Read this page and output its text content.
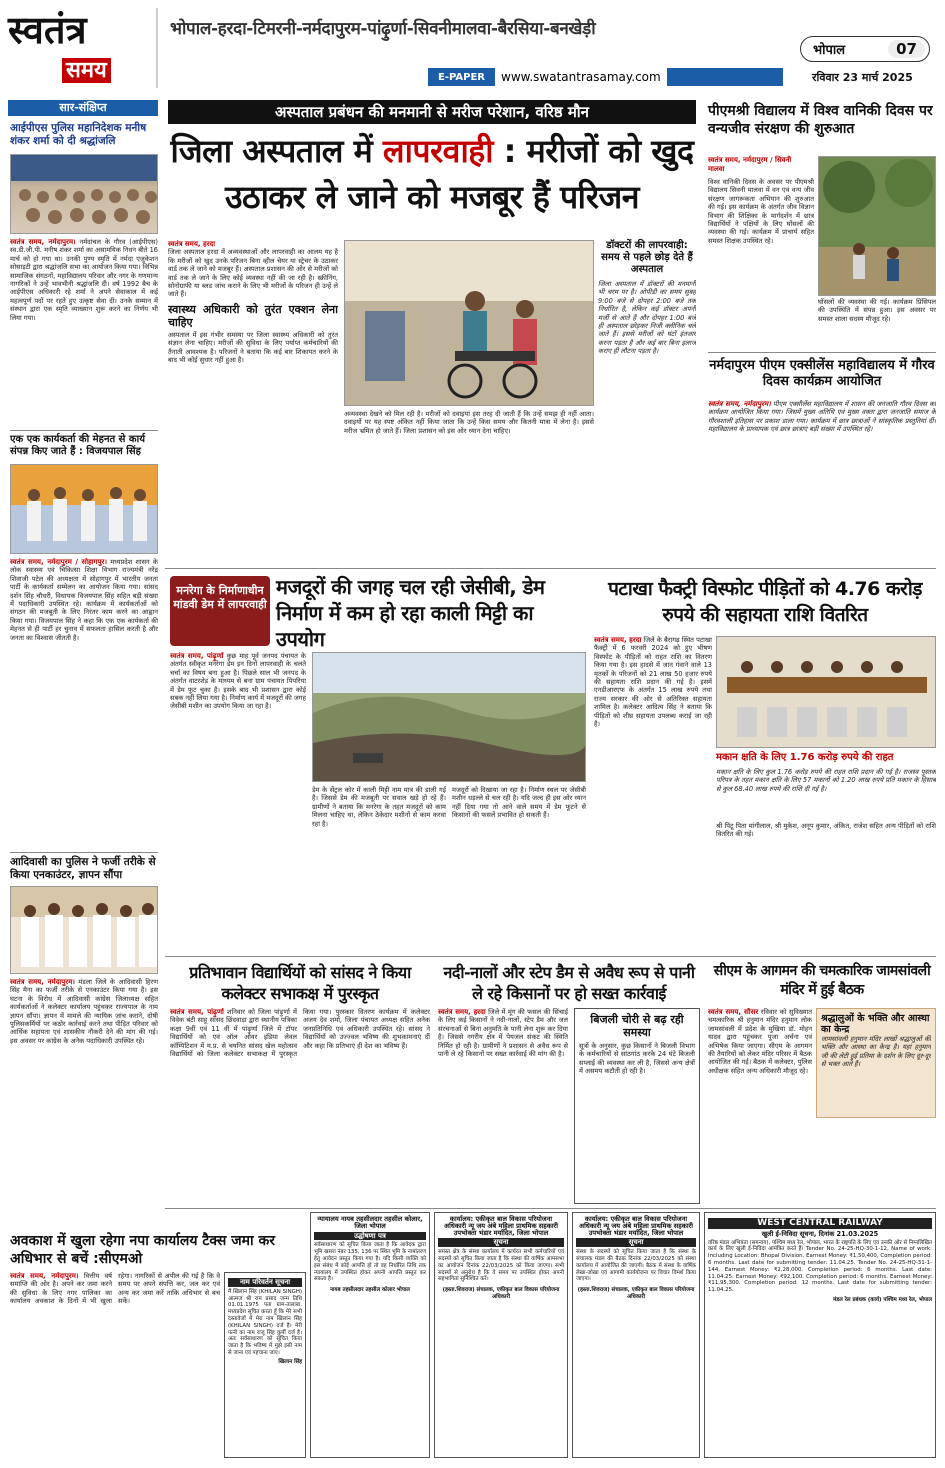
स्वतंत्र
समय
भोपाल-हरदा-टिमरनी-नर्मदापुरम-पांढ़ुर्णा-सिवनीमालवा-बैरसिया-बनखेड़ी
E-PAPER	www.swatantrasamay.com
भोपाल	07
रविवार 23 मार्च 2025
सार-संक्षिप्त
आईपीएस पुलिस महानिदेशक मनीष शंकर शर्मा को दी श्रद्धांजलि
स्वतंत्र समय, नर्मदापुरम। नर्मदांचल के गौरव (आईपीएस) स्व.डी.जी.पी. मनीष शंकर शर्मा का असामयिक निधन बीते 16 मार्च को हो गया था। उनकी पुण्य स्मृति में नर्मदा एजुकेशन सोसाइटी द्वारा श्रद्धांजलि सभा का आयोजन किया गया। विभिन्न सामाजिक संगठनों, महाविद्यालय परिवार और नगर के गणमान्य नागरिकों ने उन्हें भावभीनी श्रद्धांजलि दी। वर्ष 1992 बैच के आईपीएस अधिकारी रहे शर्मा ने अपने सेवाकाल में कई महत्वपूर्ण पदों पर रहते हुए उत्कृष्ट सेवा दी। उनके सम्मान में संस्थान द्वारा एक स्मृति व्याख्यान शुरू करने का निर्णय भी लिया गया।
एक एक कार्यकर्ता की मेहनत से कार्य संपन्न किए जाते हैं : विजयपाल सिंह
स्वतंत्र समय, नर्मदापुरम / सोहागपुर। मध्यप्रदेश शासन के लोक स्वास्थ्य एवं चिकित्सा शिक्षा विभाग राज्यमंत्री नरेंद्र शिवाजी पटेल की अध्यक्षता में सोहागपुर में भारतीय जनता पार्टी के कार्यकर्ता सम्मेलन का आयोजन किया गया। सांसद दर्शन सिंह चौधरी, विधायक विजयपाल सिंह सहित बड़ी संख्या में पदाधिकारी उपस्थित रहे। कार्यक्रम में कार्यकर्ताओं को संगठन की मजबूती के लिए निरंतर काम करने का आह्वान किया गया। विजयपाल सिंह ने कहा कि एक एक कार्यकर्ता की मेहनत से ही पार्टी हर चुनाव में सफलता हासिल करती है और जनता का विश्वास जीतती है।
आदिवासी का पुलिस ने फर्जी तरीके से किया एनकाउंटर, ज्ञापन सौंपा
स्वतंत्र समय, नर्मदापुरम। मंडला जिले के आदिवासी हिरण सिंह मैना का फर्जी तरीके से एनकाउंटर किया गया है। इस घटना के विरोध में आदिवासी कांग्रेस जिलाध्यक्ष सहित कार्यकर्ताओं ने कलेक्टर कार्यालय पहुंचकर राज्यपाल के नाम ज्ञापन सौंपा। ज्ञापन में मामले की न्यायिक जांच कराने, दोषी पुलिसकर्मियों पर कठोर कार्रवाई करने तथा पीड़ित परिवार को आर्थिक सहायता एवं शासकीय नौकरी देने की मांग की गई। इस अवसर पर कांग्रेस के अनेक पदाधिकारी उपस्थित रहे।
अस्पताल प्रबंधन की मनमानी से मरीज परेशान, वरिष्ठ मौन
जिला अस्पताल में लापरवाही : मरीजों को खुद उठाकर ले जाने को मजबूर हैं परिजन
स्वतंत्र समय, हरदा

जिला अस्पताल हरदा में अव्यवस्थाओं और लापरवाही का आलम यह है कि मरीजों को खुद उनके परिजन बिना व्हील चेयर या स्ट्रेचर के उठाकर वार्ड तक ले जाने को मजबूर हैं। अस्पताल प्रशासन की ओर से मरीजों को वार्ड तक ले जाने के लिए कोई व्यवस्था नहीं की जा रही है। स्क्रीनिंग, सोनोग्राफी या ब्लड जांच कराने के लिए भी मरीजों के परिजन ही उन्हें ले जाते हैं।

स्वास्थ्य अधिकारी को तुरंत एक्शन लेना चाहिए

अस्पताल में इस गंभीर समस्या पर जिला स्वास्थ्य अधिकारी को तुरंत संज्ञान लेना चाहिए। मरीजों की सुविधा के लिए पर्याप्त कर्मचारियों की तैनाती आवश्यक है। परिजनों ने बताया कि कई बार शिकायत करने के बाद भी कोई सुधार नहीं हुआ है।

अव्यवस्था देखने को मिल रही है। मरीजों को दवाइयां इस तरह दी जाती हैं कि उन्हें समझ ही नहीं आता। दवाइयों पर यह स्पष्ट अंकित नहीं किया जाता कि उन्हें किस समय और कितनी मात्रा में लेना है। इससे मरीज भ्रमित हो जाते हैं। जिला प्रशासन को इस ओर ध्यान देना चाहिए।
डॉक्टरों की लापरवाही: समय से पहले छोड़ देते हैं अस्पताल
जिला अस्पताल में डॉक्टरों की मनमानी भी चरम पर है। ओपीडी का समय सुबह 9:00 बजे से दोपहर 2:00 बजे तक निर्धारित है, लेकिन कई डॉक्टर अपनी मर्जी से आते हैं और दोपहर 1:00 बजे ही अस्पताल छोड़कर निजी क्लीनिक चले जाते हैं। इससे मरीजों को घंटों इंतजार करना पड़ता है और कई बार बिना इलाज कराए ही लौटना पड़ता है।
पीएमश्री विद्यालय में विश्व वानिकी दिवस पर वन्यजीव संरक्षण की शुरुआत
स्वतंत्र समय, नर्मदापुरम / सिवनी मालवा
विश्व वानिकी दिवस के अवसर पर पीएमश्री विद्यालय सिवनी मालवा में वन एवं वन्य जीव संरक्षण जागरूकता अभियान की शुरुआत की गई। इस कार्यक्रम के अंतर्गत जीव विज्ञान विभाग की शिक्षिका के मार्गदर्शन में छात्र विद्यार्थियों ने पक्षियों के लिए घोंसलों की व्यवस्था की गई। कार्यक्रम में प्राचार्य सहित समस्त शिक्षक उपस्थित रहे।
घोंसलों की व्यवस्था की गई। कार्यक्रम प्रिंसिपल की उपस्थिति में संपन्न हुआ। इस अवसर पर समस्त शाला सदस्य मौजूद रहे।
नर्मदापुरम पीएम एक्सीलेंस महाविद्यालय में गौरव दिवस कार्यक्रम आयोजित
स्वतंत्र समय, नर्मदापुरम। पीएम एक्सीलेंस महाविद्यालय में शासन की जनजाति गौरव दिवस का कार्यक्रम आयोजित किया गया। जिसमें मुख्य अतिथि एवं मुख्य वक्ता द्वारा जनजाति समाज के गौरवशाली इतिहास पर प्रकाश डाला गया। कार्यक्रम में छात्र छात्राओं ने सांस्कृतिक प्रस्तुतियां दीं। महाविद्यालय के प्राध्यापक एवं छात्र छात्राएं बड़ी संख्या में उपस्थित रहे।
मनरेगा के निर्माणाधीन मांडवी डेम में लापरवाही
मजदूरों की जगह चल रही जेसीबी, डेम निर्माण में कम हो रहा काली मिट्टी का उपयोग
स्वतंत्र समय, पांढ़ुर्णा कुछ माह पूर्व जनपद पंचायत के अंतर्गत स्वीकृत मनरेगा डेम इन दिनों लापरवाही के चलते चर्चा का विषय बना हुआ है। पिछले साल भी जनपद के अंतर्गत वाटरशेड के माध्यम से बना ग्राम पंचायत पिपरिया में डेम फूट चुका है। इसके बाद भी प्रशासन द्वारा कोई सबक नहीं लिया गया है। निर्माण कार्य में मजदूरों की जगह जेसीबी मशीन का उपयोग किया जा रहा है।
डेम के सेंट्रल कोर में काली मिट्टी नाम मात्र की डाली गई है। जिससे डेम की मजबूती पर सवाल खड़े हो रहे हैं। ग्रामीणों ने बताया कि मनरेगा के तहत मजदूरों को काम मिलना चाहिए था, लेकिन ठेकेदार मशीनों से काम करवा रहा है।
मजदूरों को दिखाया जा रहा है। निर्माण स्थल पर जेसीबी मशीन धड़ल्ले से चल रही है। यदि जल्द ही इस ओर ध्यान नहीं दिया गया तो आने वाले समय में डेम फूटने से किसानों की फसलें प्रभावित हो सकती हैं।
पटाखा फैक्ट्री विस्फोट पीड़ितों को 4.76 करोड़ रुपये की सहायता राशि वितरित
स्वतंत्र समय, हरदा जिले के बैरागढ़ स्थित पटाखा फैक्ट्री में 6 फरवरी 2024 को हुए भीषण विस्फोट के पीड़ितों को राहत राशि का वितरण किया गया है। इस हादसे में जान गंवाने वाले 13 मृतकों के परिजनों को 21 लाख 50 हजार रुपये की सहायता राशि प्रदान की गई है। इसमें एनडीआरएफ के अंतर्गत 15 लाख रुपये तथा राज्य सरकार की ओर से अतिरिक्त सहायता शामिल है। कलेक्टर आदित्य सिंह ने बताया कि पीड़ितों को शीघ्र सहायता उपलब्ध कराई जा रही है।
मकान क्षति के लिए 1.76 करोड़ रुपये की राहत
मकान क्षति के लिए कुल 1.76 करोड़ रुपये की राहत राशि प्रदान की गई है। राजस्व पुस्तक परिपत्र के तहत मकान क्षति के लिए 57 मकानों को 1.20 लाख रुपये प्रति मकान के हिसाब से कुल 68.40 लाख रुपये की राशि दी गई है।
श्री पिंटू पिता मांगीलाल, श्री मुकेश, अनूप कुमार, अंकित, राजेश सहित अन्य पीड़ितों को राशि वितरित की गई।
प्रतिभावान विद्यार्थियों को सांसद ने किया कलेक्टर सभाकक्ष में पुरस्कृत
स्वतंत्र समय, पांढ़ुर्णा शनिवार को जिला पांढ़ुर्णा में विवेक बंटी साहू सांसद छिंदवाड़ा द्वारा स्थानीय पत्रिका कक्षा 9वीं एवं 11 वीं में पांढ़ुर्णा जिले में टॉपर विद्यार्थियों को एवं ऑल ओवर इंडिया लेवल कॉम्पिटिशन में म.प्र. से चयनित सांसद खेल महोत्सव विद्यार्थियों को जिला कलेक्टर सभाकक्ष में पुरस्कृत किया गया। पुरस्कार वितरण कार्यक्रम में कलेक्टर अजय देव शर्मा, जिला पंचायत अध्यक्ष सहित अनेक जनप्रतिनिधि एवं अधिकारी उपस्थित रहे। सांसद ने विद्यार्थियों को उज्ज्वल भविष्य की शुभकामनाएं दीं और कहा कि प्रतिभाएं ही देश का भविष्य हैं।
नदी-नालों और स्टेप डैम से अवैध रूप से पानी ले रहे किसानों पर हो सख्त कार्रवाई
स्वतंत्र समय, हरदा जिले में मूंग की फसल की सिंचाई के लिए कई किसानों ने नदी-नालों, स्टेप डैम और जल संरचनाओं से बिना अनुमति के पानी लेना शुरू कर दिया है। जिससे नगरीय क्षेत्र में पेयजल संकट की स्थिति निर्मित हो रही है। ग्रामीणों ने प्रशासन से अवैध रूप से पानी ले रहे किसानों पर सख्त कार्रवाई की मांग की है।
बिजली चोरी से बढ़ रही समस्या
सूत्रों के अनुसार, कुछ किसानों ने बिजली विभाग के कर्मचारियों से सांठगांठ करके 24 घंटे बिजली सप्लाई की व्यवस्था कर ली है, जिससे अन्य क्षेत्रों में असमय कटौती हो रही है।
सीएम के आगमन की चमत्कारिक जामसांवली मंदिर में हुई बैठक
स्वतंत्र समय, सौसर रविवार को सुविख्यात चमत्कारिक श्री हनुमान मंदिर हनुमान लोक जामसांवली में प्रदेश के मुखिया डॉ. मोहन यादव द्वारा पहुंचकर पूजा अर्चना एवं अभिषेक किया जाएगा। सीएम के आगमन की तैयारियों को लेकर मंदिर परिसर में बैठक आयोजित की गई। बैठक में कलेक्टर, पुलिस अधीक्षक सहित अन्य अधिकारी मौजूद रहे।
श्रद्धालुओं के भक्ति और आस्था का केन्द्र
जामसांवली हनुमान मंदिर लाखों श्रद्धालुओं की भक्ति और आस्था का केन्द्र है। यहां हनुमान जी की लेटी हुई प्रतिमा के दर्शन के लिए दूर-दूर से भक्त आते हैं।
अवकाश में खुला रहेगा नपा कार्यालय टैक्स जमा कर अधिभार से बचें :सीएमओ
स्वतंत्र समय, नर्मदापुरम। वित्तीय वर्ष समाप्ति की ओर है। अपने कर जमा करने की सुविधा के लिए नगर पालिका का कार्यालय अवकाश के दिनों में भी खुला रहेगा। नागरिकों से अपील की गई है कि वे समय पर अपने संपत्ति कर, जल कर एवं अन्य कर जमा करें ताकि अधिभार से बच सकें।
नाम परिवर्तन सूचना
मैं खिलान सिंह (KHILAN SINGH) आत्मज श्री राम प्रसाद जन्म तिथि 01.01.1975 पता ग्राम-तालाबा, मध्यप्रदेश सूचित करता हूँ कि मेरे सभी दस्तावेजों में मेरा नाम खिलान सिंह (KHILAN SINGH) दर्ज है। मेरी पत्नी का नाम राजू सिंह कुर्मी दर्ज है। अतः सर्वसाधारण को सूचित किया जाता है कि भविष्य में मुझे इसी नाम से जाना एवं पहचाना जाए।
खिलान सिंह
न्यायालय नायब तहसीलदार तहसील कोलार, जिला भोपाल
उद्घोषणा पत्र
सर्वसाधारण को सूचित किया जाता है कि आवेदक द्वारा भूमि खसरा नंबर 135, 136 पर स्थित भूमि के नामांतरण हेतु आवेदन प्रस्तुत किया गया है। यदि किसी व्यक्ति को इस संबंध में कोई आपत्ति हो तो वह निर्धारित तिथि तक न्यायालय में उपस्थित होकर अपनी आपत्ति प्रस्तुत कर सकता है।
नायब तहसीलदार तहसील कोलार भोपाल
कार्यालय: एकीकृत बाल विकास परियोजना अधिकारी न्यू जय अंबे महिला प्राथमिक सहकारी उपभोक्ता भंडार मर्यादित, जिला भोपाल
सूचना
समस्त क्षेत्र के संस्था कार्यालय में कार्यरत सभी कर्मचारियों एवं सदस्यों को सूचित किया जाता है कि संस्था की वार्षिक आमसभा का आयोजन दिनांक 22/03/2025 को किया जाएगा। सभी सदस्यों से अनुरोध है कि वे समय पर उपस्थित होकर अपनी सहभागिता सुनिश्चित करें।
(हस्ता.शिवराज) संचालक, एकीकृत बाल विकास परियोजना अधिकारी
कार्यालय: एकीकृत बाल विकास परियोजना अधिकारी न्यू जय अंबे महिला प्राथमिक सहकारी उपभोक्ता भंडार मर्यादित, जिला भोपाल
सूचना
संस्था के सदस्यों को सूचित किया जाता है कि संस्था के संचालक मंडल की बैठक दिनांक 22/03/2025 को संस्था कार्यालय में आयोजित की जाएगी। बैठक में संस्था के वार्षिक लेखा-जोखा एवं आगामी कार्ययोजना पर विचार विमर्श किया जाएगा।
(हस्ता.शिवराज) संचालक, एकीकृत बाल विकास परियोजना अधिकारी
WEST CENTRAL RAILWAY
खुली ई-निविदा सूचना, दिनांक 21.03.2025
वरिष्ठ मंडल अभियंता (समन्वय), पश्चिम मध्य रेल, भोपाल, भारत के राष्ट्रपति के लिए एवं उनकी ओर से निम्नलिखित कार्य के लिए खुली ई-निविदा आमंत्रित करते हैं। Tender No. 24-25-HQ-30-1-12, Name of work: Including Location: Bhopal Division. Earnest Money: ₹1,50,400, Completion period: 6 months. Last date for submitting tender: 11.04.25. Tender No. 24-25-HQ-31-1-144, Earnest Money: ₹2,28,000. Completion period: 6 months. Last date: 11.04.25. Earnest Money: ₹92,100. Completion period: 6 months. Earnest Money: ₹11,95,300. Completion period: 12 months. Last date for submitting tender: 11.04.25.
मंडल रेल प्रबंधक (कार्य) पश्चिम मध्य रेल, भोपाल
